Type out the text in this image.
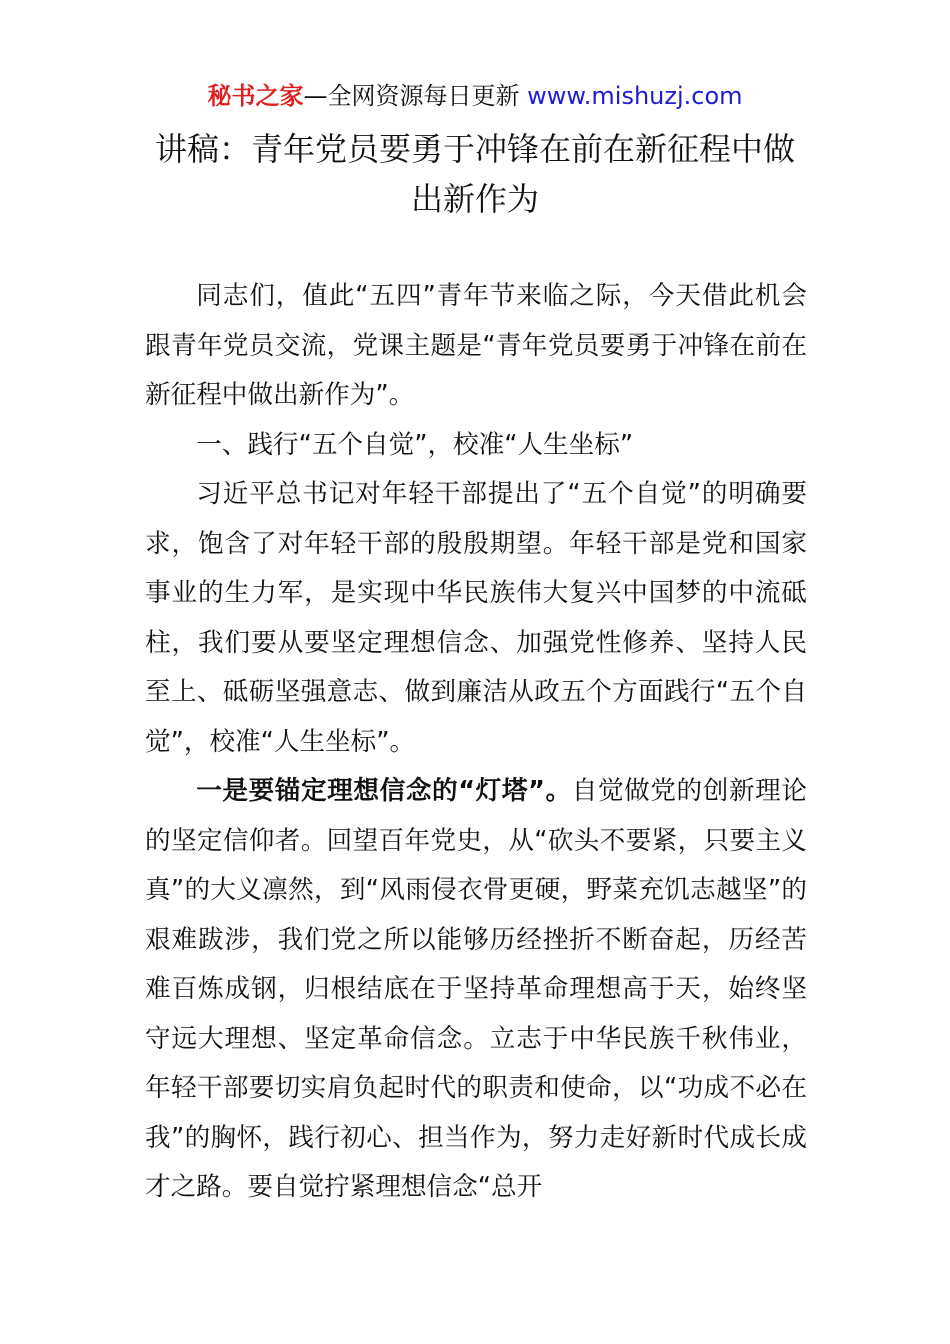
秘书之家—全网资源每日更新 www.mishuzj.com
讲稿：青年党员要勇于冲锋在前在新征程中做出新作为

同志们，值此“五四”青年节来临之际，今天借此机会跟青年党员交流，党课主题是“青年党员要勇于冲锋在前在新征程中做出新作为”。

一、践行“五个自觉”，校准“人生坐标”

习近平总书记对年轻干部提出了“五个自觉”的明确要求，饱含了对年轻干部的殷殷期望。年轻干部是党和国家事业的生力军，是实现中华民族伟大复兴中国梦的中流砥柱，我们要从要坚定理想信念、加强党性修养、坚持人民至上、砥砺坚强意志、做到廉洁从政五个方面践行“五个自觉”，校准“人生坐标”。

一是要锚定理想信念的“灯塔”。自觉做党的创新理论的坚定信仰者。回望百年党史，从“砍头不要紧，只要主义真”的大义凛然，到“风雨侵衣骨更硬，野菜充饥志越坚”的艰难跋涉，我们党之所以能够历经挫折不断奋起，历经苦难百炼成钢，归根结底在于坚持革命理想高于天，始终坚守远大理想、坚定革命信念。立志于中华民族千秋伟业，年轻干部要切实肩负起时代的职责和使命，以“功成不必在我”的胸怀，践行初心、担当作为，努力走好新时代成长成才之路。要自觉拧紧理想信念“总开
